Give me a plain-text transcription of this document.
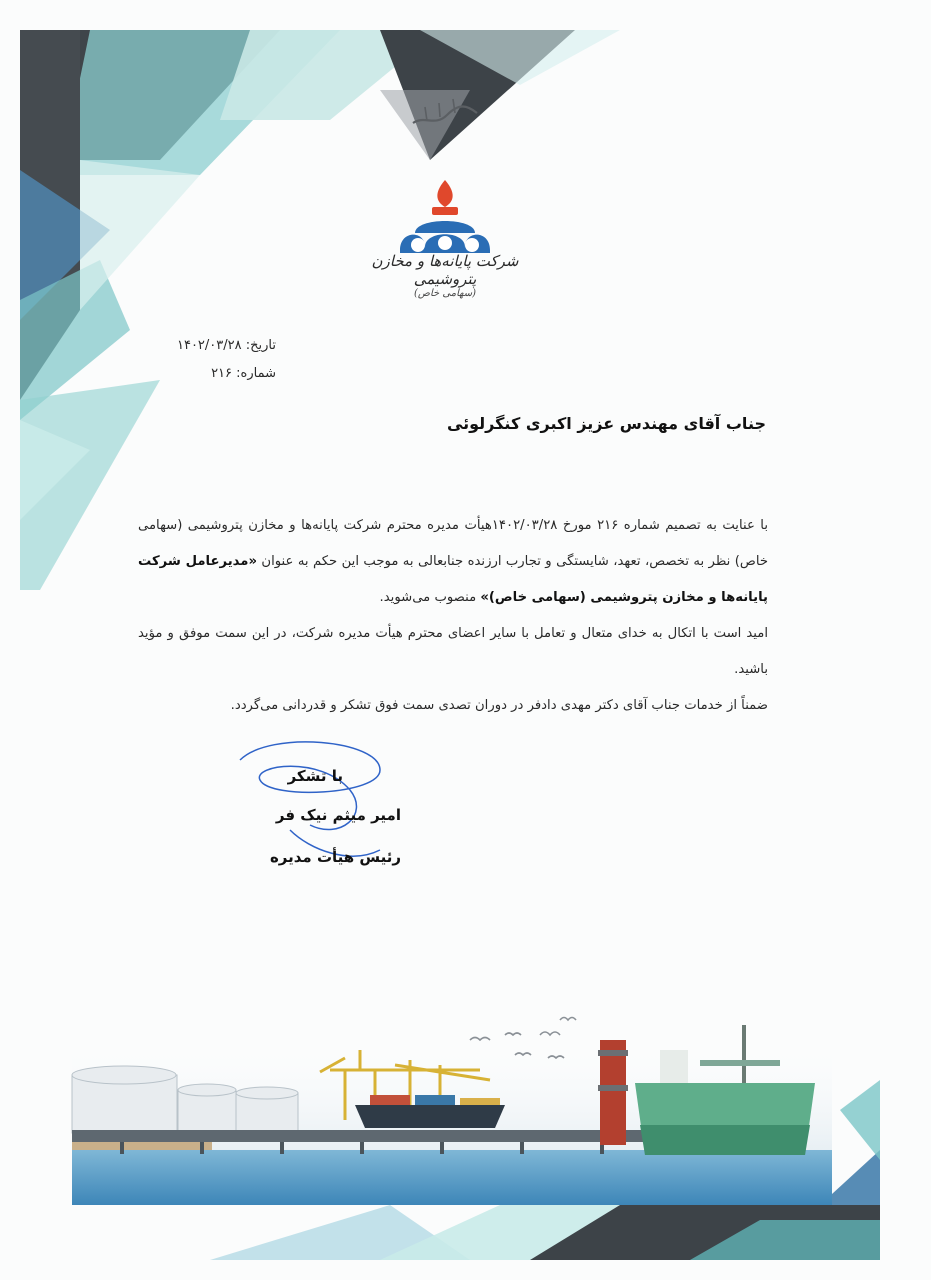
شرکت پایانه‌ها و مخازن پتروشیمی
(سهامی خاص)
تاریخ: ۱۴۰۲/۰۳/۲۸
شماره: ۲۱۶
جناب آقای مهندس عزیز اکبری کنگرلوئی

با عنایت به تصمیم شماره ۲۱۶ مورخ ۱۴۰۲/۰۳/۲۸هیأت مدیره محترم شرکت پایانه‌ها و مخازن پتروشیمی (سهامی خاص) نظر به تخصص، تعهد، شایستگی و تجارب ارزنده جنابعالی به موجب این حکم به عنوان «مدیرعامل شرکت پایانه‌ها و مخازن پتروشیمی (سهامی خاص)» منصوب می‌شوید.

امید است با اتکال به خدای متعال و تعامل با سایر اعضای محترم هیأت مدیره شرکت، در این سمت موفق و مؤید باشید.

ضمناً از خدمات جناب آقای دکتر مهدی دادفر در دوران تصدی سمت فوق تشکر و قدردانی می‌گردد.

با تشکر
امیر میثم نیک فر
رئیس هیأت مدیره
